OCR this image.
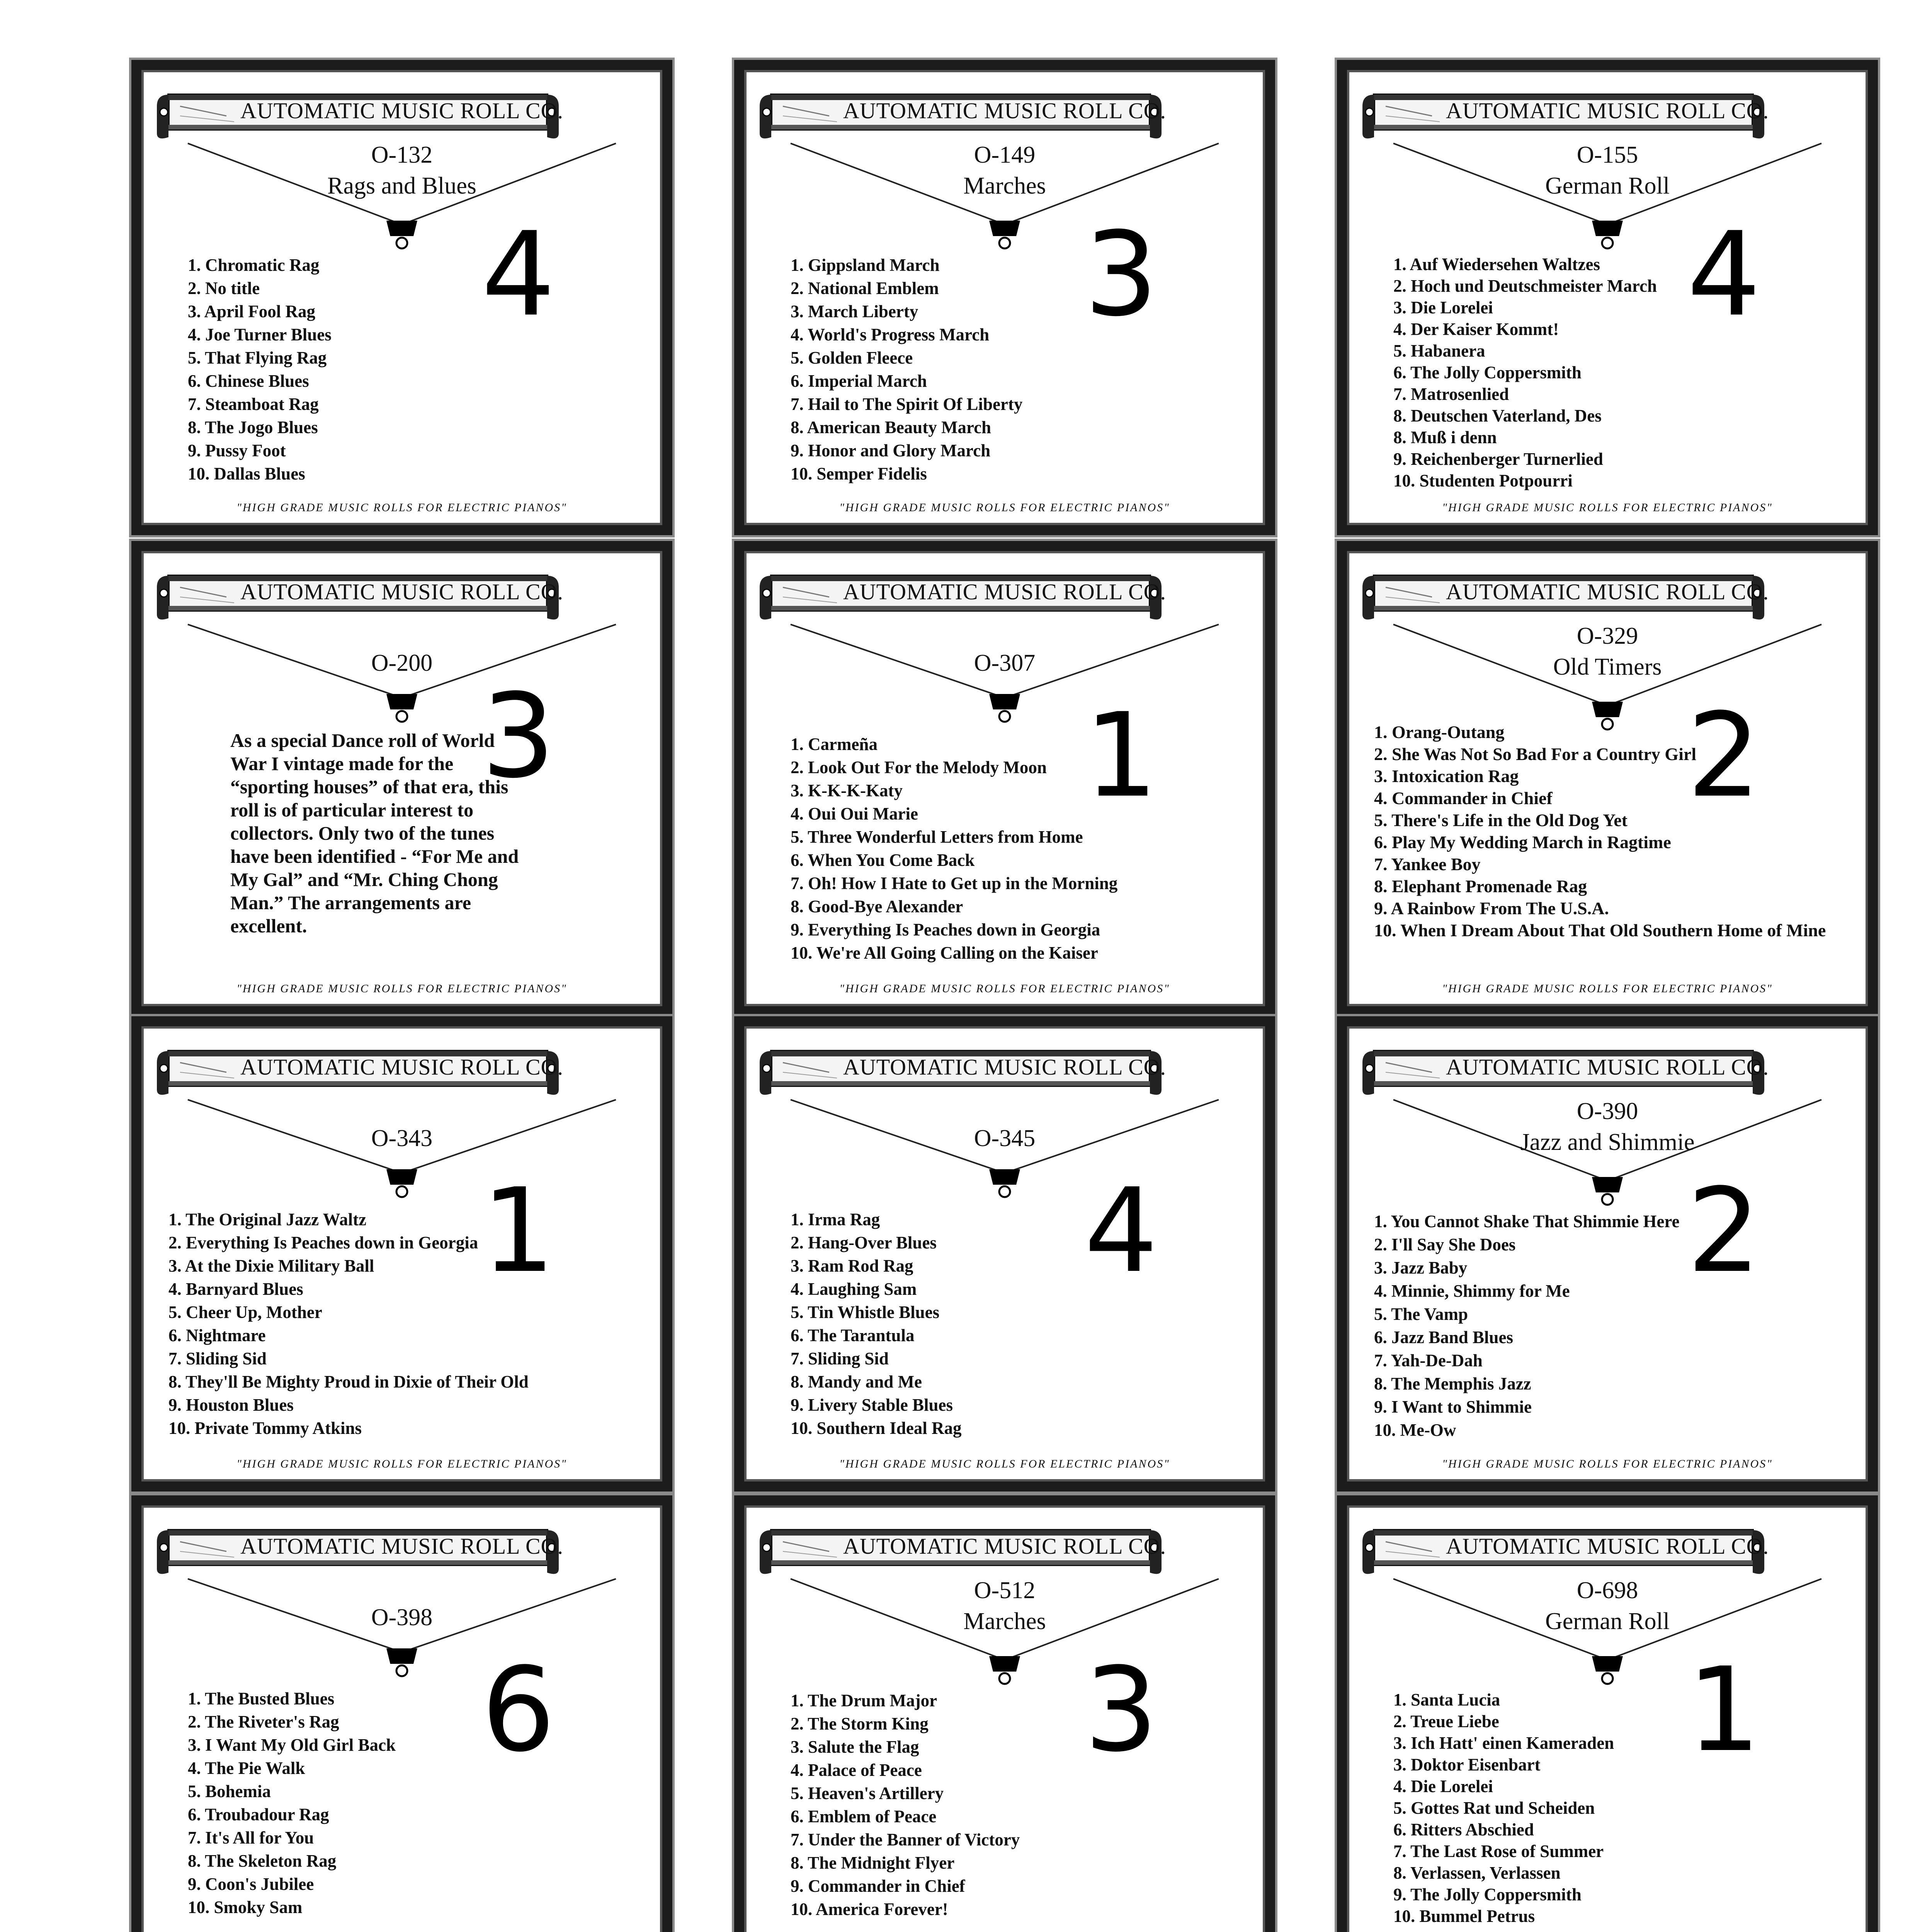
AUTOMATIC MUSIC ROLL CO.
O-132
Rags and Blues
1. Chromatic Rag
2. No title
3. April Fool Rag
4. Joe Turner Blues
5. That Flying Rag
6. Chinese Blues
7. Steamboat Rag
8. The Jogo Blues
9. Pussy Foot
10. Dallas Blues
"HIGH GRADE MUSIC ROLLS FOR ELECTRIC PIANOS"
4
AUTOMATIC MUSIC ROLL CO.
O-149
Marches
1. Gippsland March
2. National Emblem
3. March Liberty
4. World's Progress March
5. Golden Fleece
6. Imperial March
7. Hail to The Spirit Of Liberty
8. American Beauty March
9. Honor and Glory March
10. Semper Fidelis
"HIGH GRADE MUSIC ROLLS FOR ELECTRIC PIANOS"
3
AUTOMATIC MUSIC ROLL CO.
O-155
German Roll
1. Auf Wiedersehen Waltzes
2. Hoch und Deutschmeister March
3. Die Lorelei
4. Der Kaiser Kommt!
5. Habanera
6. The Jolly Coppersmith
7. Matrosenlied
8. Deutschen Vaterland, Des
8. Muß i denn
9. Reichenberger Turnerlied
10. Studenten Potpourri
"HIGH GRADE MUSIC ROLLS FOR ELECTRIC PIANOS"
4
AUTOMATIC MUSIC ROLL CO.
O-200
As a special Dance roll of World War I vintage made for the “sporting houses” of that era, this roll is of particular interest to collectors. Only two of the tunes have been identified - “For Me and My Gal” and “Mr. Ching Chong Man.” The arrangements are excellent.
"HIGH GRADE MUSIC ROLLS FOR ELECTRIC PIANOS"
3
AUTOMATIC MUSIC ROLL CO.
O-307
1. Carmeña
2. Look Out For the Melody Moon
3. K-K-K-Katy
4. Oui Oui Marie
5. Three Wonderful Letters from Home
6. When You Come Back
7. Oh! How I Hate to Get up in the Morning
8. Good-Bye Alexander
9. Everything Is Peaches down in Georgia
10. We're All Going Calling on the Kaiser
"HIGH GRADE MUSIC ROLLS FOR ELECTRIC PIANOS"
1
AUTOMATIC MUSIC ROLL CO.
O-329
Old Timers
1. Orang-Outang
2. She Was Not So Bad For a Country Girl
3. Intoxication Rag
4. Commander in Chief
5. There's Life in the Old Dog Yet
6. Play My Wedding March in Ragtime
7. Yankee Boy
8. Elephant Promenade Rag
9. A Rainbow From The U.S.A.
10. When I Dream About That Old Southern Home of Mine
"HIGH GRADE MUSIC ROLLS FOR ELECTRIC PIANOS"
2
AUTOMATIC MUSIC ROLL CO.
O-343
1. The Original Jazz Waltz
2. Everything Is Peaches down in Georgia
3. At the Dixie Military Ball
4. Barnyard Blues
5. Cheer Up, Mother
6. Nightmare
7. Sliding Sid
8. They'll Be Mighty Proud in Dixie of Their Old
9. Houston Blues
10. Private Tommy Atkins
"HIGH GRADE MUSIC ROLLS FOR ELECTRIC PIANOS"
1
AUTOMATIC MUSIC ROLL CO.
O-345
1. Irma Rag
2. Hang-Over Blues
3. Ram Rod Rag
4. Laughing Sam
5. Tin Whistle Blues
6. The Tarantula
7. Sliding Sid
8. Mandy and Me
9. Livery Stable Blues
10. Southern Ideal Rag
"HIGH GRADE MUSIC ROLLS FOR ELECTRIC PIANOS"
4
AUTOMATIC MUSIC ROLL CO.
O-390
Jazz and Shimmie
1. You Cannot Shake That Shimmie Here
2. I'll Say She Does
3. Jazz Baby
4. Minnie, Shimmy for Me
5. The Vamp
6. Jazz Band Blues
7. Yah-De-Dah
8. The Memphis Jazz
9. I Want to Shimmie
10. Me-Ow
"HIGH GRADE MUSIC ROLLS FOR ELECTRIC PIANOS"
2
AUTOMATIC MUSIC ROLL CO.
O-398
1. The Busted Blues
2. The Riveter's Rag
3. I Want My Old Girl Back
4. The Pie Walk
5. Bohemia
6. Troubadour Rag
7. It's All for You
8. The Skeleton Rag
9. Coon's Jubilee
10. Smoky Sam
6
AUTOMATIC MUSIC ROLL CO.
O-512
Marches
1. The Drum Major
2. The Storm King
3. Salute the Flag
4. Palace of Peace
5. Heaven's Artillery
6. Emblem of Peace
7. Under the Banner of Victory
8. The Midnight Flyer
9. Commander in Chief
10. America Forever!
3
AUTOMATIC MUSIC ROLL CO.
O-698
German Roll
1. Santa Lucia
2. Treue Liebe
3. Ich Hatt' einen Kameraden
3. Doktor Eisenbart
4. Die Lorelei
5. Gottes Rat und Scheiden
6. Ritters Abschied
7. The Last Rose of Summer
8. Verlassen, Verlassen
9. The Jolly Coppersmith
10. Bummel Petrus
1
